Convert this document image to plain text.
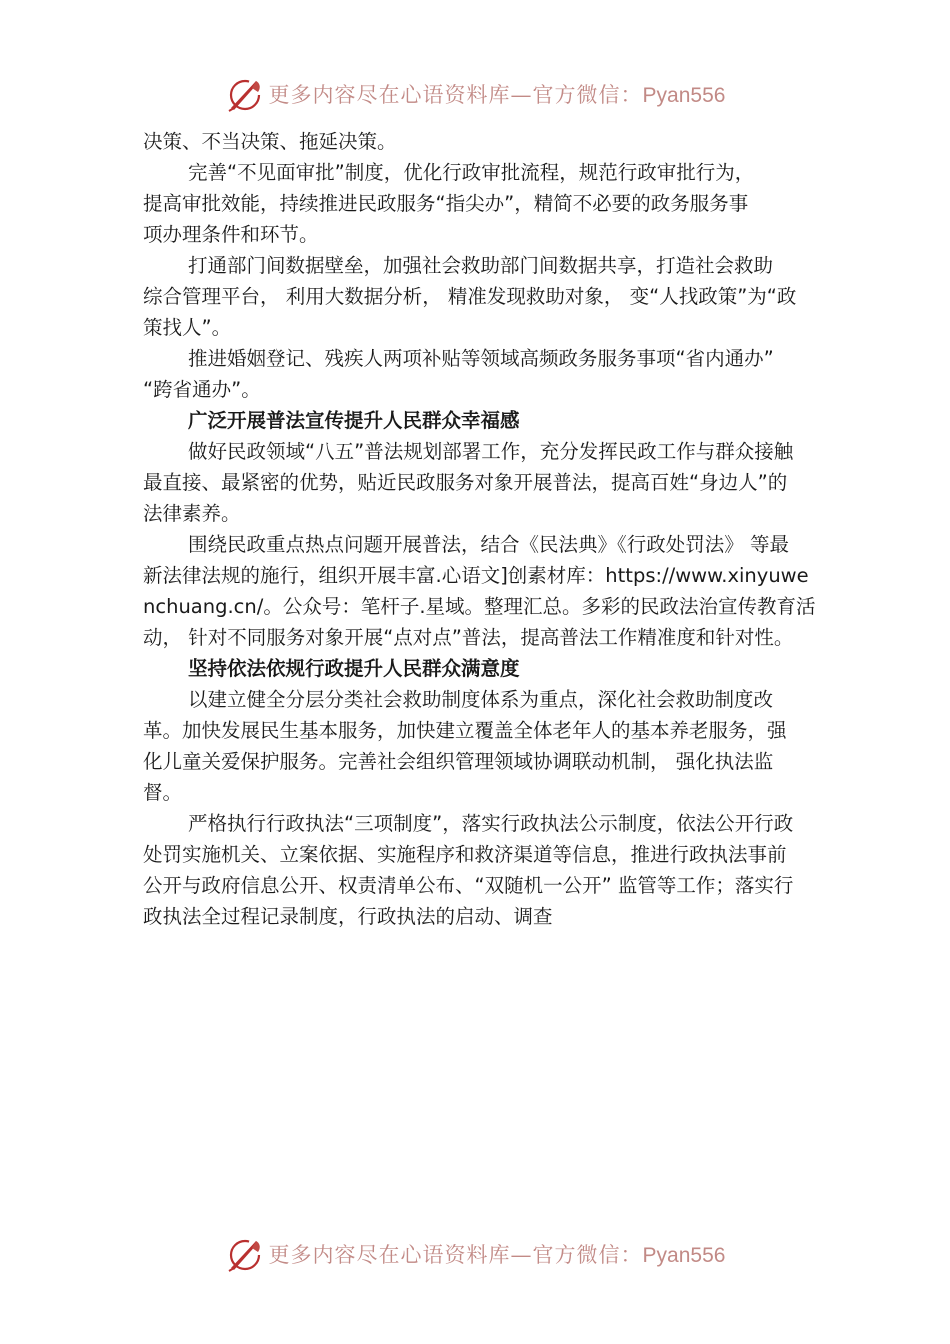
更多内容尽在心语资料库—官方微信：Pyan556
决策、不当决策、拖延决策。
完善“不见面审批”制度，优化行政审批流程，规范行政审批行为，
提高审批效能，持续推进民政服务“指尖办”，精简不必要的政务服务事
项办理条件和环节。
打通部门间数据壁垒，加强社会救助部门间数据共享，打造社会救助
综合管理平台， 利用大数据分析， 精准发现救助对象， 变“人找政策”为“政
策找人”。
推进婚姻登记、残疾人两项补贴等领域高频政务服务事项“省内通办”
“跨省通办”。
广泛开展普法宣传提升人民群众幸福感
做好民政领域“八五”普法规划部署工作，充分发挥民政工作与群众接触
最直接、最紧密的优势，贴近民政服务对象开展普法，提高百姓“身边人”的
法律素养。
围绕民政重点热点问题开展普法，结合《民法典》《行政处罚法》 等最
新法律法规的施行，组织开展丰富.心语文]创素材库：https://www.xinyuwe
nchuang.cn/。公众号：笔杆子.星域。整理汇总。多彩的民政法治宣传教育活
动， 针对不同服务对象开展“点对点”普法，提高普法工作精准度和针对性。
坚持依法依规行政提升人民群众满意度
以建立健全分层分类社会救助制度体系为重点，深化社会救助制度改
革。加快发展民生基本服务，加快建立覆盖全体老年人的基本养老服务，强
化儿童关爱保护服务。完善社会组织管理领域协调联动机制， 强化执法监
督。
严格执行行政执法“三项制度”，落实行政执法公示制度，依法公开行政
处罚实施机关、立案依据、实施程序和救济渠道等信息，推进行政执法事前
公开与政府信息公开、权责清单公布、“双随机一公开” 监管等工作；落实行
政执法全过程记录制度，行政执法的启动、调查
更多内容尽在心语资料库—官方微信：Pyan556
